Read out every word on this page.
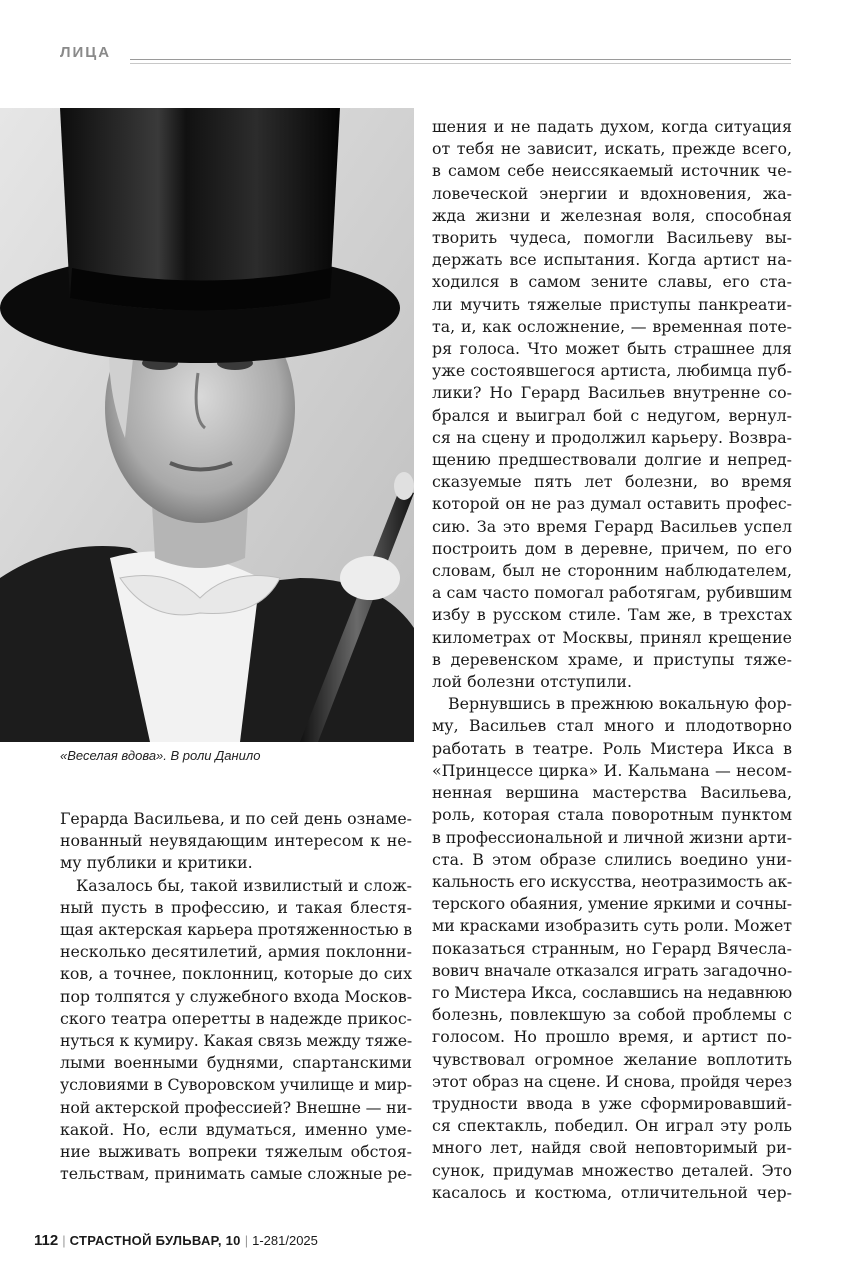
ЛИЦА
«Веселая вдова». В роли Данило
шения и не падать духом, когда ситуация
от тебя не зависит, искать, прежде всего,
в самом себе неиссякаемый источник че-
ловеческой энергии и вдохновения, жа-
жда жизни и железная воля, способная
творить чудеса, помогли Васильеву вы-
держать все испытания. Когда артист на-
ходился в самом зените славы, его ста-
ли мучить тяжелые приступы панкреати-
та, и, как осложнение, — временная поте-
ря голоса. Что может быть страшнее для
уже состоявшегося артиста, любимца пуб-
лики? Но Герард Васильев внутренне со-
брался и выиграл бой с недугом, вернул-
ся на сцену и продолжил карьеру. Возвра-
щению предшествовали долгие и непред-
сказуемые пять лет болезни, во время
которой он не раз думал оставить профес-
сию. За это время Герард Васильев успел
построить дом в деревне, причем, по его
словам, был не сторонним наблюдателем,
а сам часто помогал работягам, рубившим
избу в русском стиле. Там же, в трехстах
километрах от Москвы, принял крещение
в деревенском храме, и приступы тяже-
лой болезни отступили.
Вернувшись в прежнюю вокальную фор-
му, Васильев стал много и плодотворно
работать в театре. Роль Мистера Икса в
«Принцессе цирка» И. Кальмана — несом-
ненная вершина мастерства Васильева,
роль, которая стала поворотным пунктом
в профессиональной и личной жизни арти-
ста. В этом образе слились воедино уни-
кальность его искусства, неотразимость ак-
терского обаяния, умение яркими и сочны-
ми красками изобразить суть роли. Может
показаться странным, но Герард Вячесла-
вович вначале отказался играть загадочно-
го Мистера Икса, сославшись на недавнюю
болезнь, повлекшую за собой проблемы с
голосом. Но прошло время, и артист по-
чувствовал огромное желание воплотить
этот образ на сцене. И снова, пройдя через
трудности ввода в уже сформировавший-
ся спектакль, победил. Он играл эту роль
много лет, найдя свой неповторимый ри-
сунок, придумав множество деталей. Это
касалось и костюма, отличительной чер-
Герарда Васильева, и по сей день ознаме-
нованный неувядающим интересом к не-
му публики и критики.
Казалось бы, такой извилистый и слож-
ный пусть в профессию, и такая блестя-
щая актерская карьера протяженностью в
несколько десятилетий, армия поклонни-
ков, а точнее, поклонниц, которые до сих
пор толпятся у служебного входа Москов-
ского театра оперетты в надежде прикос-
нуться к кумиру. Какая связь между тяже-
лыми военными буднями, спартанскими
условиями в Суворовском училище и мир-
ной актерской профессией? Внешне — ни-
какой. Но, если вдуматься, именно уме-
ние выживать вопреки тяжелым обстоя-
тельствам, принимать самые сложные ре-
112 | СТРАСТНОЙ БУЛЬВАР, 10 | 1-281/2025
